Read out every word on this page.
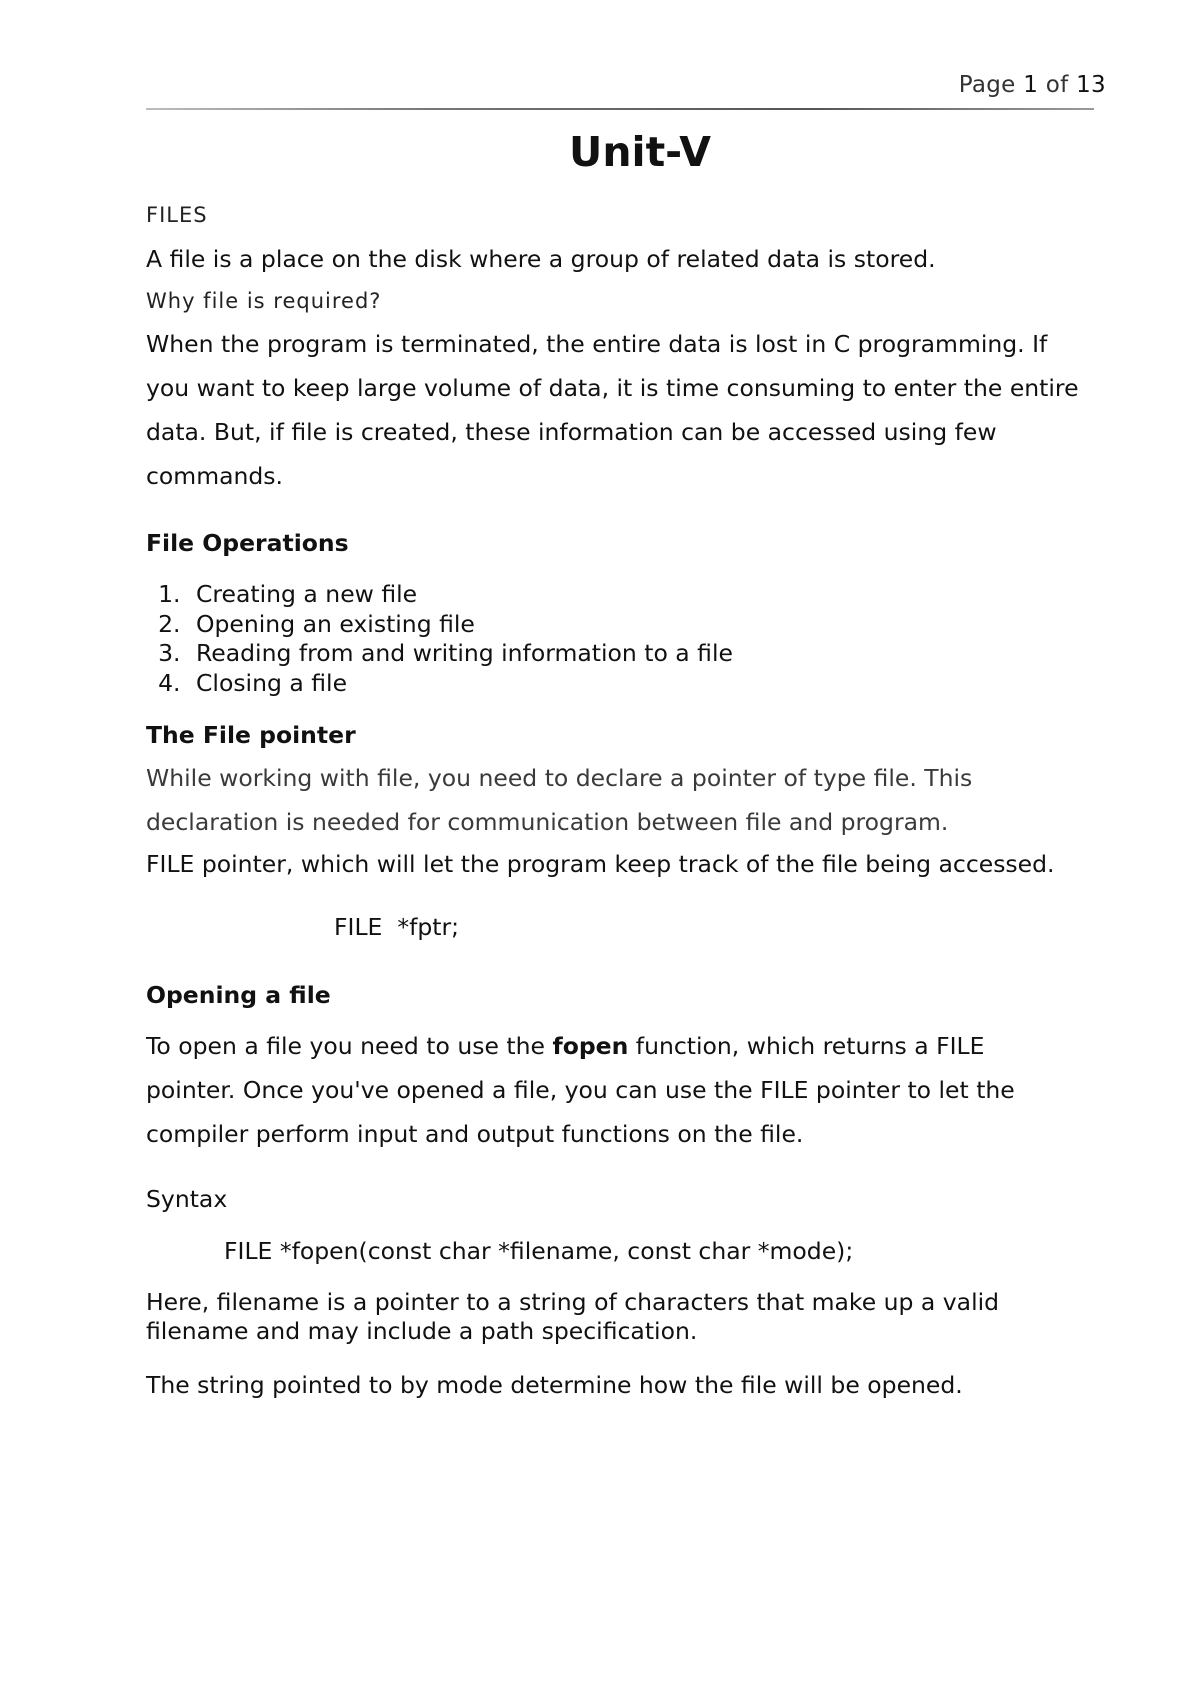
Page 1 of 13
Unit-V
FILES
A file is a place on the disk where a group of related data is stored.
Why file is required?

When the program is terminated, the entire data is lost in C programming. If

you want to keep large volume of data, it is time consuming to enter the entire

data. But, if file is created, these information can be accessed using few

commands.

File Operations
1. Creating a new file
2. Opening an existing file
3. Reading from and writing information to a file
4. Closing a file
The File pointer

While working with file, you need to declare a pointer of type file. This

declaration is needed for communication between file and program.

FILE pointer, which will let the program keep track of the file being accessed.
FILE  *fptr;
Opening a file

To open a file you need to use the fopen function, which returns a FILE

pointer. Once you've opened a file, you can use the FILE pointer to let the

compiler perform input and output functions on the file.

Syntax
FILE *fopen(const char *filename, const char *mode);
Here, filename is a pointer to a string of characters that make up a valid
filename and may include a path specification.
The string pointed to by mode determine how the file will be opened.
